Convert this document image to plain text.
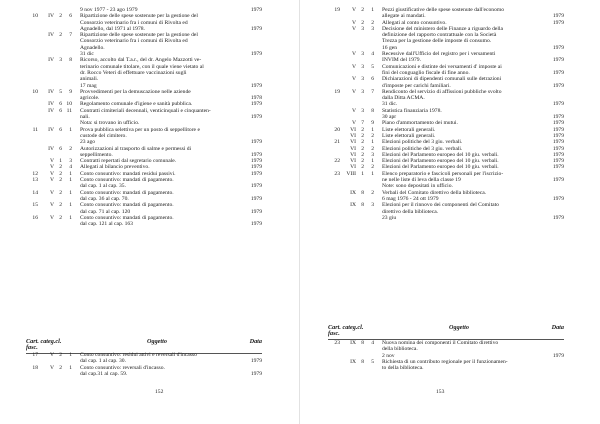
9 nov 1977 - 23 ago 1979	1979
10	IV 2	6 Ripartizione delle spese sostenute per la gestione del
Consorzio veterinario fra i comuni di Rivolta ed
Agnadello, dal 1971 al 1978.	1979
IV 2	7 Ripartizione delle spese sostenute per la gestione del
Consorzio veterinario fra i comuni di Rivolta ed
Agnadello.
31 dic	1979
IV 3	8 Ricorso, accolto dal T.a.r., del dr. Angelo Mazzotti ve-
terinario comunale titolare, con il quale viene vietato al
dr. Rocco Veteri di effettuare vaccinazioni sugli
animali.
17 mag	1979
10	IV 5	9 Provvedimenti per la demuscazione nelle aziende
agricole.	1978
IV 6 10 Regolamento comunale d'igiene e sanità pubblica.	1979
IV 6 11 Contratti cimiteriali decennali, venticinquali e cinquanten-
nali.	1979
Nota: si trovano in ufficio.
11	IV 6	1 Prova pubblica selettiva per un posto di seppellitore e
custode del cimitero.
23 ago	1979
IV 6	2 Autorizzazioni al trasporto di salme e permessi di
seppellimento.	1979
V 1	3 Contratti repertati dal segretario comunale.	1979
V 2	4 Allegati al bilancio preventivo.	1979
12	V 2	1 Conto consuntivo: mandati residui passivi.	1979
13	V 2	1 Conto consuntivo: mandati di pagamento.
dal cap. 1 al cap. 35.	1979
14	V 2	1 Conto consuntivo: mandati di pagamento.
dal cap. 36 al cap. 70.	1979
15	V 2	1 Conto consuntivo: mandati di pagamento.
dal cap. 71 al cap. 120	1979
16	V 2	1 Conto consuntivo: mandati di pagamento.
dal cap. 121 al cap. 163	1979
Cart. categ.cl. fasc.
Oggetto	Data
17	V 2	1 Conto consuntivo: residui attivi e reversali d'incasso
dal cap. 1 al cap. 30.	1979
18	V 2	1 Conto consuntivo: reversali d'incasso.
dal cap.31 al cap. 59.	1979
152
19	V 2	1 Pezzi giustificative delle spese sostenute dall'economo
allegate ai mandati.	1979
V 2	2 Allegati al conto consuntivo.	1979
V 3	3 Decisione del ministero delle Finanze a riguardo della
definizione del rapporto contrattuale con la Società
Trezza per la gestione delle imposte di consumo.
16 gen	1979
V 3	4 Recessive dall'Ufficio del registro per i versamenti
INVIM del 1979.	1979
V 3	5 Comunicazioni e distinte dei versamenti d' imposte ai
fini del conguaglio fiscale di fine anno.	1979
V 3	6 Dichiarazioni di dipendenti comunali sulle detrazioni
d'imposte per carichi familiari.	1979
19	V 3	7 Rendiconto del servizio di affissioni pubbliche svolto
dalla Ditta ACMA.
31 dic.	1979
V 3	8 Statistica finanziaria 1978.
30 apr	1979
V 7	9 Piano d'ammortamento dei mutui.	1979
20	VI 2	1 Liste elettorali generali.	1979
VI 2	2 Liste elettorali generali.	1979
21	VI 2	1 Elezioni politiche del 3 giu. verbali.	1979
VI 2	2 Elezioni politiche del 3 giu. verbali.	1979
VI 2	3 Elezioni del Parlamento europeo del 10 giu. verbali.	1979
22	VI 2	1 Elezioni del Parlamento europeo del 10 giu. verbali.	1979
VI 2	2 Elezioni del Parlamento europeo del 10 giu. verbali.	1979
23	VIII 1	1 Elenco preparatorio e fascicoli personali per l'iscrizio-
ne nelle liste di leva della classe 19	1979
Note: sono depositati in ufficio.
IX 8	2 Verbali del Comitato direttivo della biblioteca.
6 mag 1976 - 24 ott 1979	1979
IX 8	3 Elezioni per il rinnovo dei componenti del Comitato
direttivo della biblioteca.
23 giu	1979
Cart. categ.cl. fasc.
Oggetto	Data
23	IX 8	4 Nuova nomina dei componenti il Comitato direttivo
della biblioteca.
2 nov	1979
IX 8	5 Richiesta di un contributo regionale per il funzionamen-
to della biblioteca.
153
